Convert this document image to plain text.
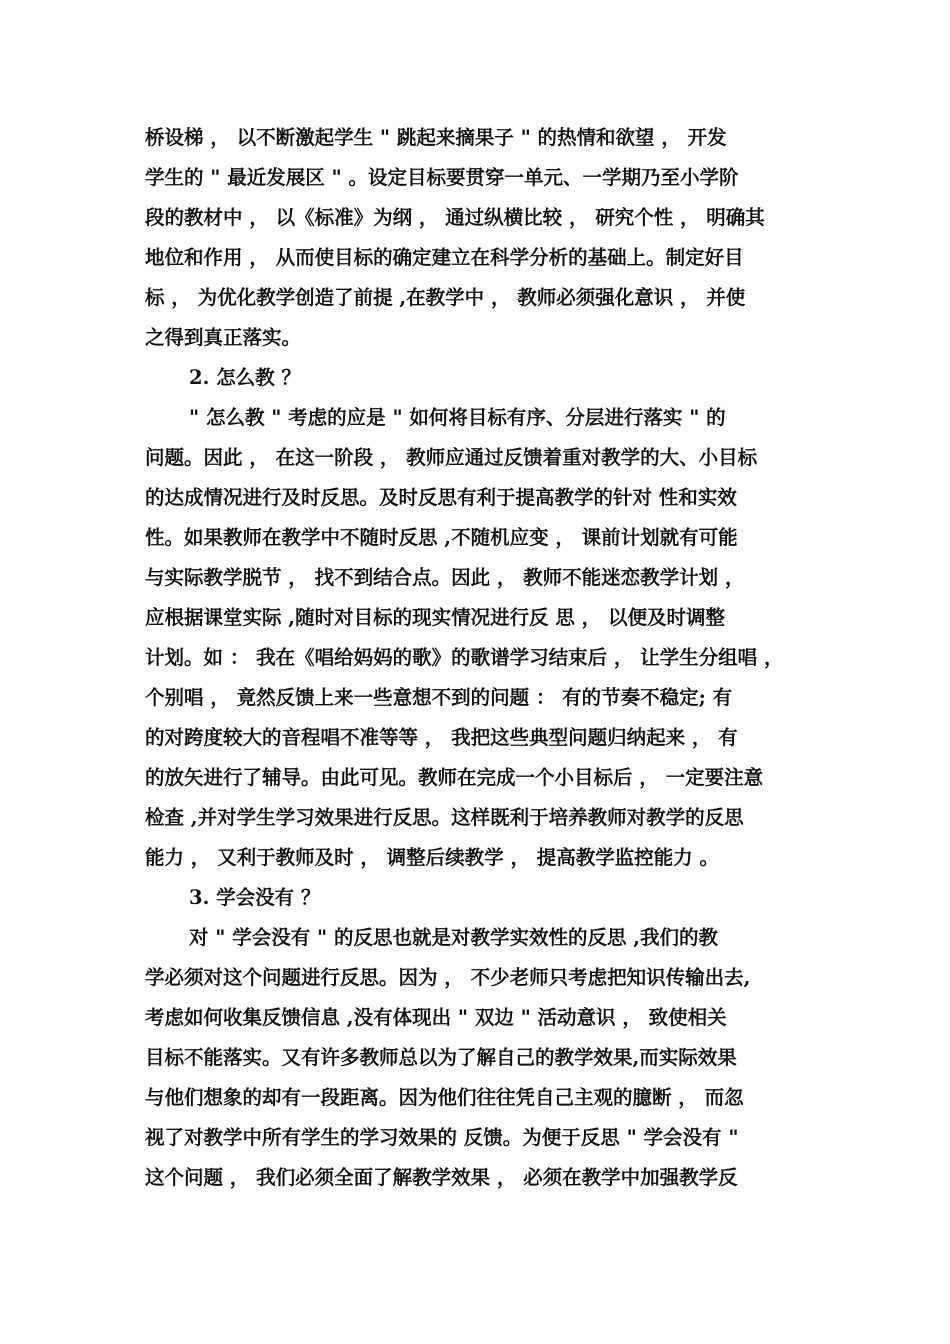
桥设梯 ， 以不断激起学生 " 跳起来摘果子 " 的热情和欲望 ， 开发
学生的 " 最近发展区 " 。设定目标要贯穿一单元、一学期乃至小学阶
段的教材中 ， 以《标准》为纲 ， 通过纵横比较 ， 研究个性 ， 明确其
地位和作用 ， 从而使目标的确定建立在科学分析的基础上。制定好目
标 ， 为优化教学创造了前提 ,在教学中 ， 教师必须强化意识 ， 并使
之得到真正落实。
2. 怎么教 ？
" 怎么教 " 考虑的应是 " 如何将目标有序、分层进行落实 " 的
问题。因此 ， 在这一阶段 ， 教师应通过反馈着重对教学的大、小目标
的达成情况进行及时反思。及时反思有利于提高教学的针对 性和实效
性。如果教师在教学中不随时反思 ,不随机应变 ， 课前计划就有可能
与实际教学脱节 ， 找不到结合点。因此 ， 教师不能迷恋教学计划 ，
应根据课堂实际 ,随时对目标的现实情况进行反 思 ， 以便及时调整
计划。如 ： 我在《唱给妈妈的歌》的歌谱学习结束后 ， 让学生分组唱 ，
个别唱 ， 竟然反馈上来一些意想不到的问题 ： 有的节奏不稳定; 有
的对跨度较大的音程唱不准等等 ， 我把这些典型问题归纳起来 ， 有
的放矢进行了辅导。由此可见。教师在完成一个小目标后 ， 一定要注意
检查 ,并对学生学习效果进行反思。这样既利于培养教师对教学的反思
能力 ， 又利于教师及时 ， 调整后续教学 ， 提高教学监控能力 。
3. 学会没有 ？
对 " 学会没有 " 的反思也就是对教学实效性的反思 ,我们的教
学必须对这个问题进行反思。因为 ， 不少老师只考虑把知识传输出去,
考虑如何收集反馈信息 ,没有体现出 " 双边 " 活动意识 ， 致使相关
目标不能落实。又有许多教师总以为了解自己的教学效果,而实际效果
与他们想象的却有一段距离。因为他们往往凭自己主观的臆断 ， 而忽
视了对教学中所有学生的学习效果的 反馈。为便于反思 " 学会没有 "
这个问题 ， 我们必须全面了解教学效果 ， 必须在教学中加强教学反
